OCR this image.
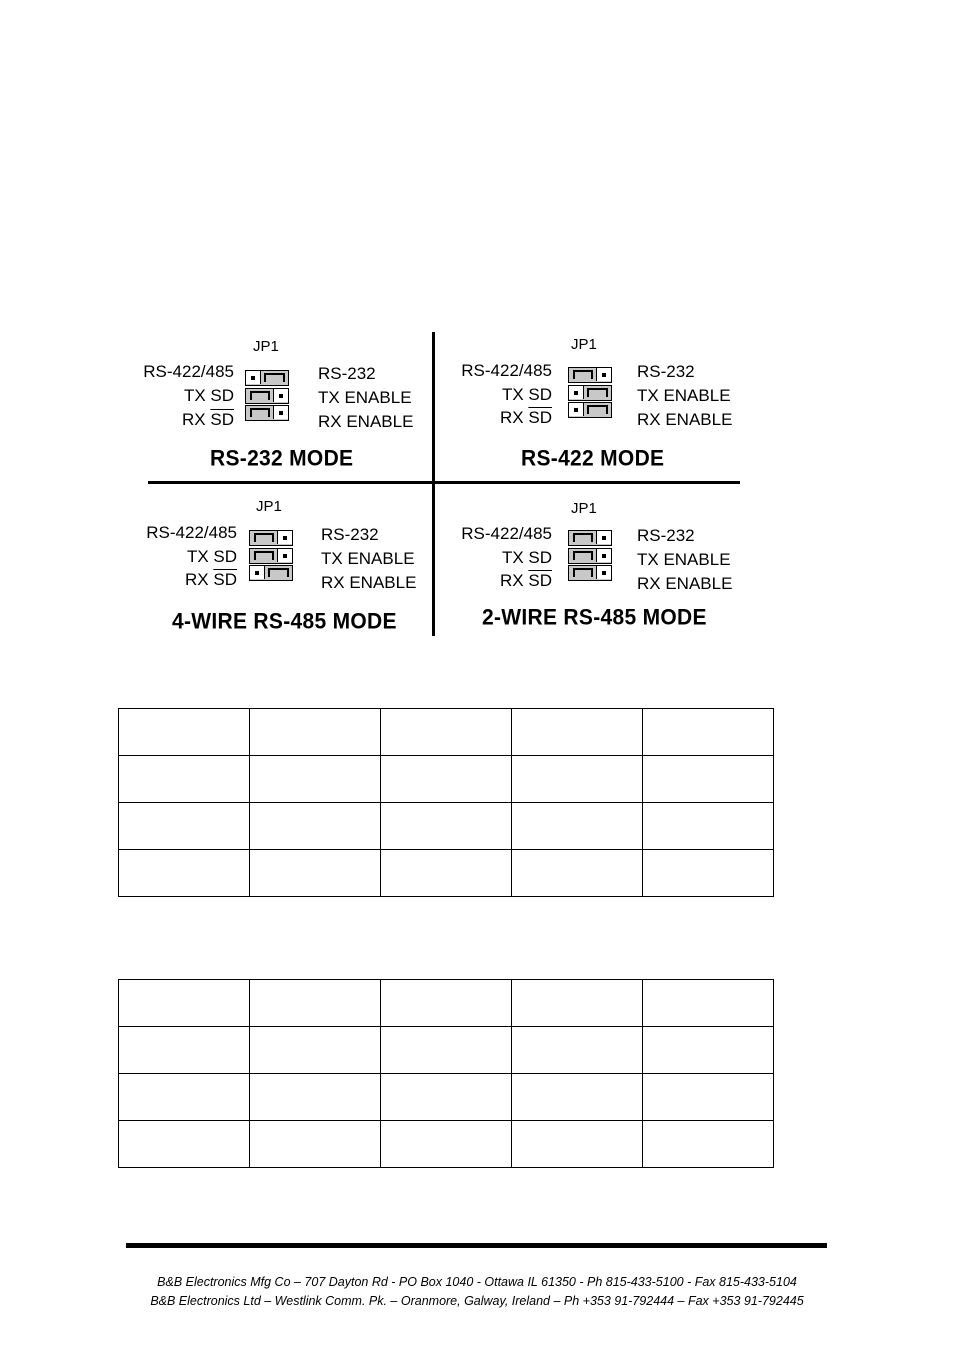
JP1
RS-422/485
TX SD
RX $\overline{SD}$
RS-232
TX ENABLE
RX ENABLE
RS-232 MODE
JP1
RS-422/485
TX SD
RX $\overline{SD}$
RS-232
TX ENABLE
RX ENABLE
RS-422 MODE
JP1
RS-422/485
TX SD
RX $\overline{SD}$
RS-232
TX ENABLE
RX ENABLE
4-WIRE RS-485 MODE
JP1
RS-422/485
TX SD
RX $\overline{SD}$
RS-232
TX ENABLE
RX ENABLE
2-WIRE RS-485 MODE

B&B Electronics Mfg Co – 707 Dayton Rd - PO Box 1040 - Ottawa IL 61350 - Ph 815-433-5100 - Fax 815-433-5104
B&B Electronics Ltd – Westlink Comm. Pk. – Oranmore, Galway, Ireland – Ph +353 91-792444 – Fax +353 91-792445
